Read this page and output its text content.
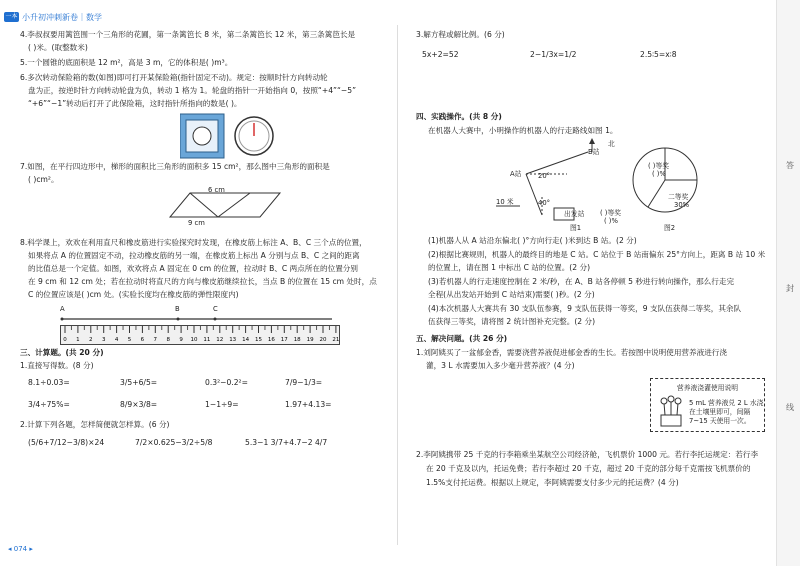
一本 小升初冲刺新卷｜数学
4.李叔叔要用篱笆围一个三角形的花圃，第一条篱笆长 8 米，第二条篱笆长 12 米，第三条篱笆长是
( )米。(取整数米)
5.一个圆锥的底面积是 12 m²，高是 3 m，它的体积是( )m³。
6.多次转动保险箱的数(如图)即可打开某保险箱(指针固定不动)。规定：按顺时针方向转动轮
盘为正，按逆时针方向转动轮盘为负，转动 1 格为 1。轮盘的指针一开始指向 0，按照“+4”“−5”
“+6”“−1”转动后打开了此保险箱，这时指针所指向的数是( )。
7.如图，在平行四边形中，梯形的面积比三角形的面积多 15 cm²，那么图中三角形的面积是
( )cm²。
6 cm
9 cm
8.科学课上，欢欢在利用直尺和橡皮筋进行实验探究时发现，在橡皮筋上标注 A、B、C 三个点的位置，
如果将点 A 的位置固定不动，拉动橡皮筋的另一端，在橡皮筋上标出 A 分别与点 B、C 之间的距离
的比值总是一个定值。如图，欢欢将点 A 固定在 0 cm 的位置，拉动时 B、C 两点所在的位置分别
在 9 cm 和 12 cm 处；若在拉动时将直尺的方向与橡皮筋继续拉长，当点 B 的位置在 15 cm 处时，点
C 的位置应该是( )cm 处。(实验长度均在橡皮筋的弹性限度内)
A	B	C
0 1 2 3 4 5 6 7 8 9 10 11 12 13 14 15 16 17 18 19 20 21
三、计算题。(共 20 分)
1.直接写得数。(8 分)
8.1÷0.03=	3/5+6/5=	0.3²−0.2²=	7/9−1/3=
3/4÷75%=	8/9×3/8=	1−1÷9=	1.97+4.13=
2.计算下列各题，怎样简便就怎样算。(6 分)
(5/6+7/12−3/8)×24	7/2×0.625−3/2÷5/8	5.3−1 3/7+4.7−2 4/7
3.解方程或解比例。(6 分)
5x+2=52	2−1/3x=1/2	2.5∶5=x∶8
四、实践操作。(共 8 分)
在机器人大赛中，小明操作的机器人的行走路线如图 1。
A站
B站
北
出发站
20°
40°
10 米
图1
( )等奖
( )%
二等奖
30%
( )等奖
( )%
图2
(1)机器人从 A 站沿东偏北( )°方向行走( )米到达 B 站。(2 分)
(2)根据比赛规则，机器人的最终目的地是 C 站。C 站位于 B 站南偏东 25°方向上，距离 B 站 10 米
的位置上，请在图 1 中标出 C 站的位置。(2 分)
(3)若机器人的行走速度控制在 2 米/秒，在 A、B 站各停顿 5 秒进行转向操作，那么行走完
全程(从出发站开始到 C 站结束)需要( )秒。(2 分)
(4)本次机器人大赛共有 30 支队伍参赛，9 支队伍获得一等奖，9 支队伍获得二等奖，其余队
伍获得三等奖，请将图 2 统计图补充完整。(2 分)
五、解决问题。(共 26 分)
1.刘阿姨买了一盆郁金香，需要浇营养液促进郁金香的生长。若按图中说明使用营养液进行浇
灌，3 L 水需要加入多少毫升营养液？(4 分)
营养液浇灌使用说明
5 mL 营养液兑 2 L 水浇
在土壤里即可，间隔
7~15 天使用一次。
2.李阿姨携带 25 千克的行李箱乘坐某航空公司经济舱，飞机票价 1000 元。若行李托运规定：若行李
在 20 千克及以内，托运免费；若行李超过 20 千克，超过 20 千克的部分每千克需按飞机票价的
1.5%支付托运费。根据以上规定，李阿姨需要支付多少元的托运费？(4 分)
答
封
线
◂ 074 ▸
